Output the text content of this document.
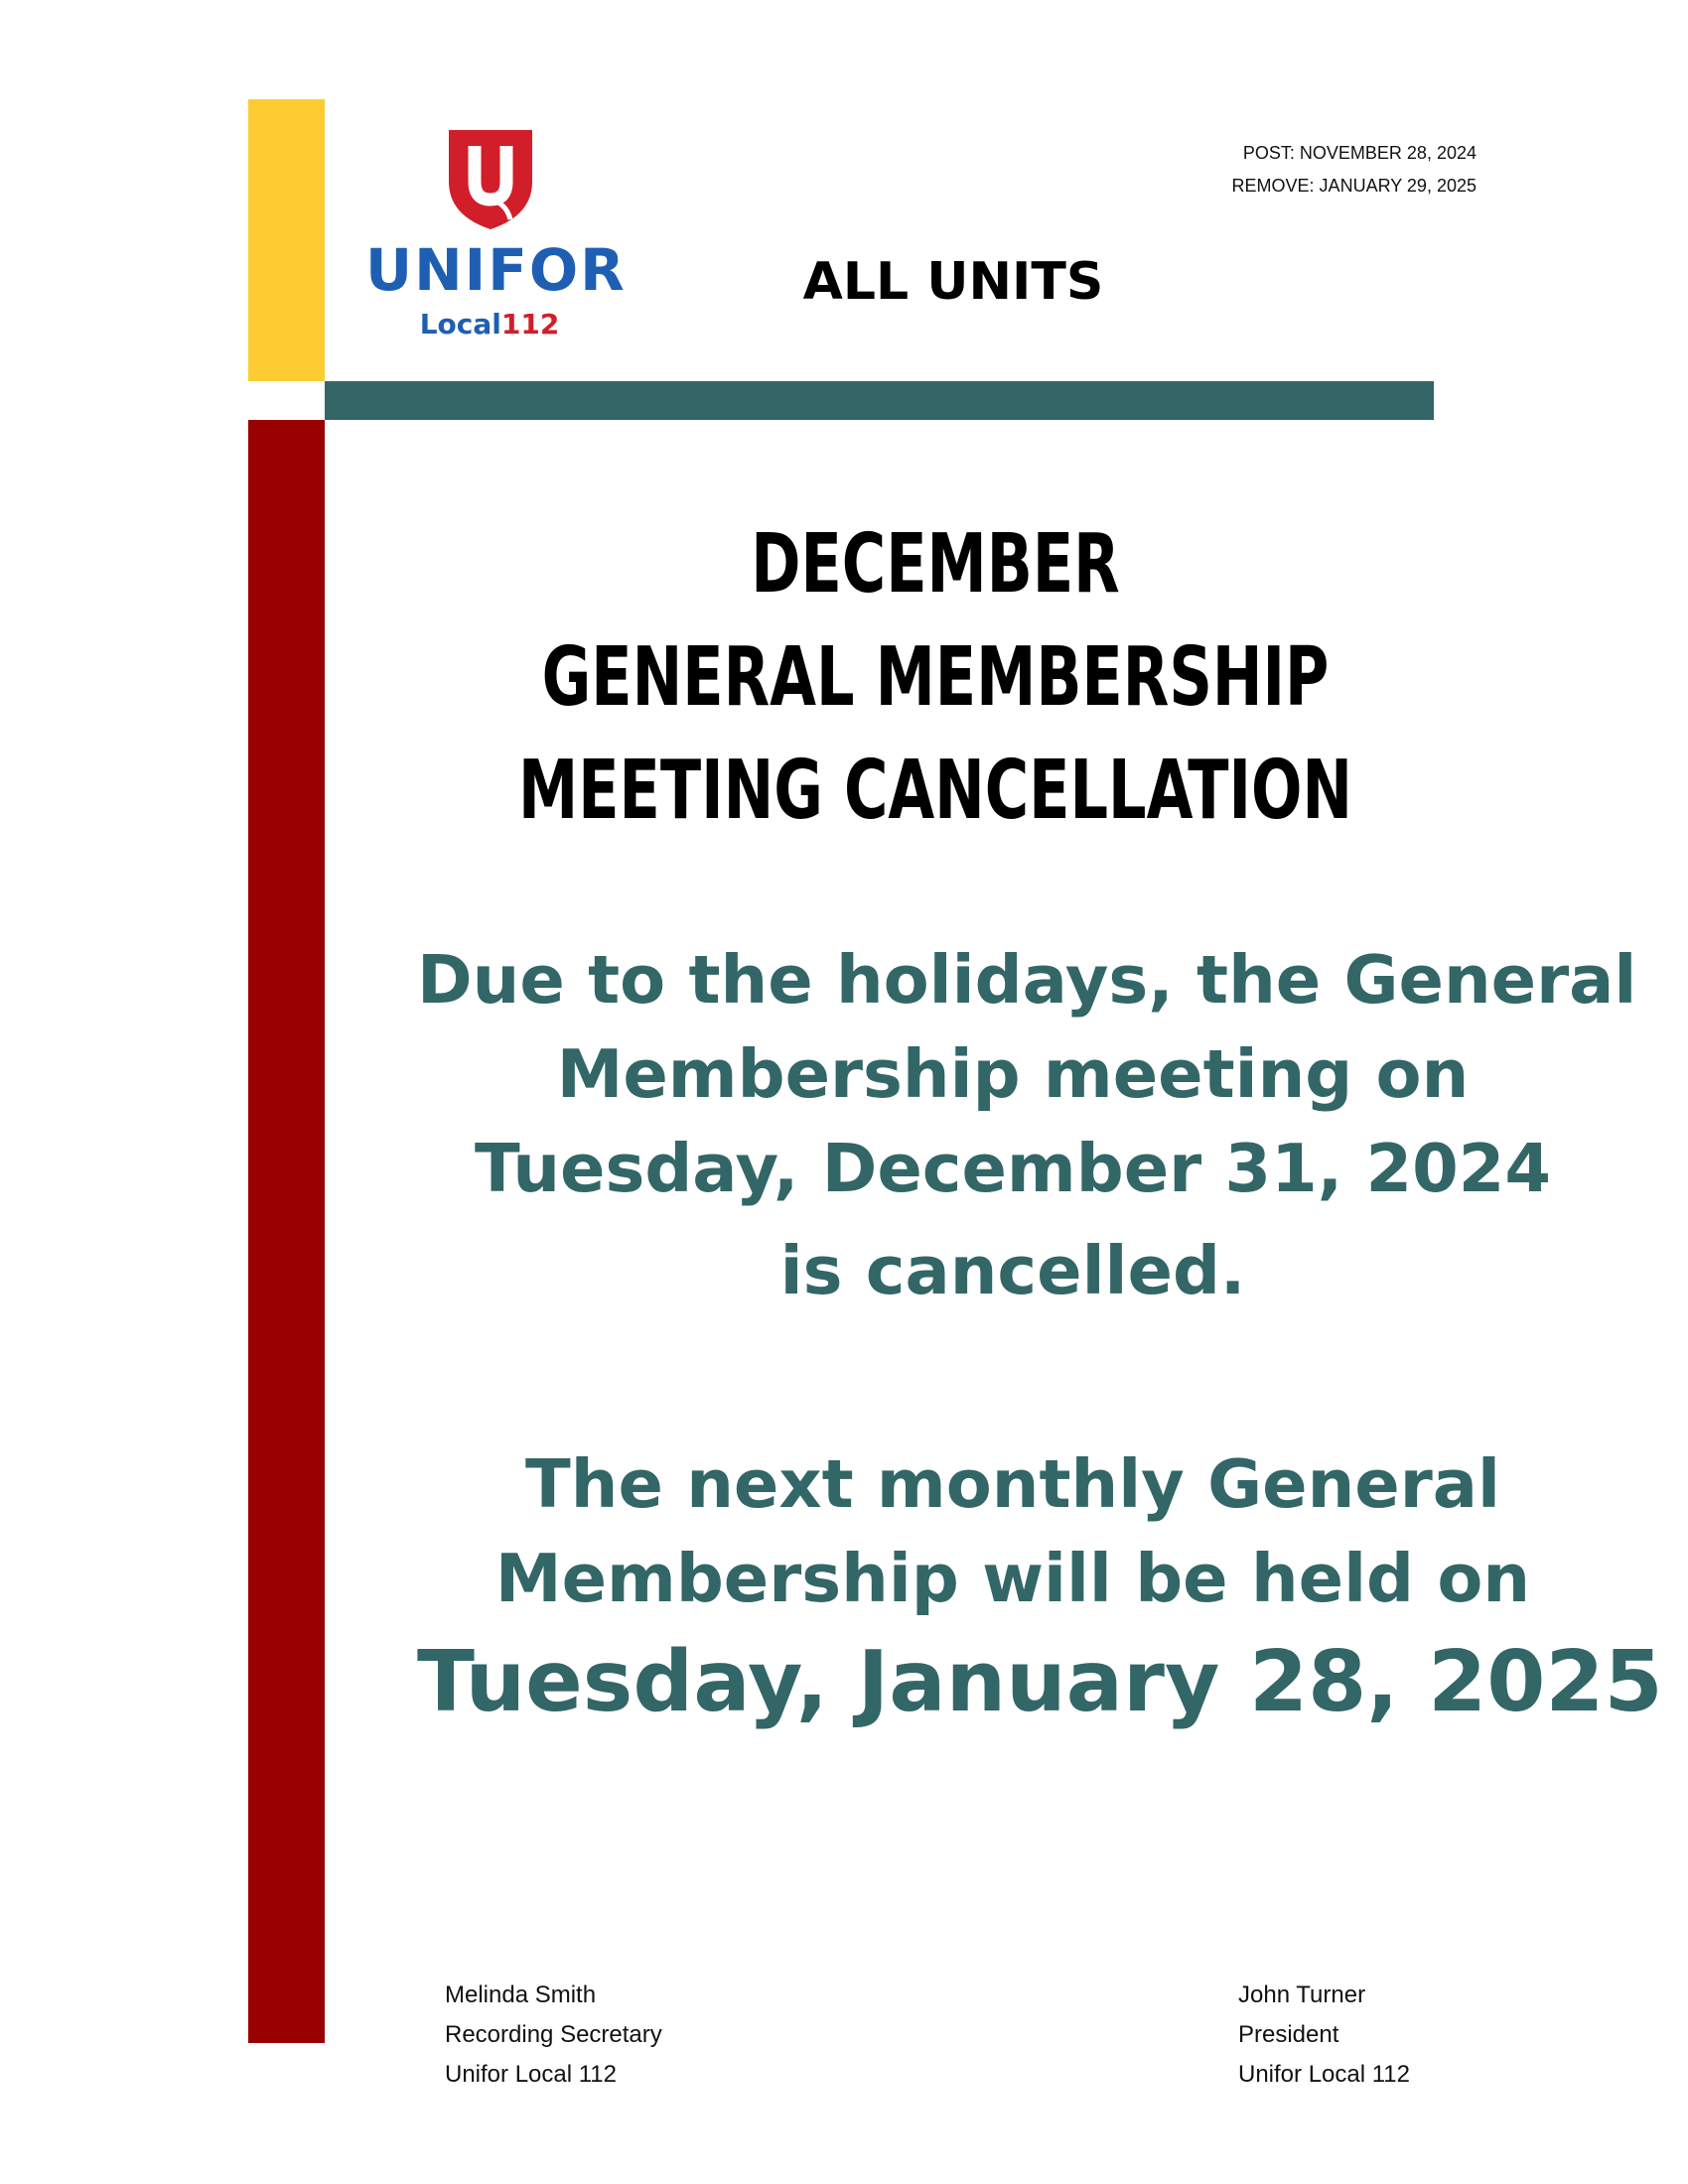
UNIFOR
Local112
POST: NOVEMBER 28, 2024
REMOVE: JANUARY 29, 2025
ALL UNITS
DECEMBER
GENERAL MEMBERSHIP
MEETING CANCELLATION
Due to the holidays, the General
Membership meeting on
Tuesday, December 31, 2024
is cancelled.
The next monthly General
Membership will be held on
Tuesday, January 28, 2025
Melinda Smith
Recording Secretary
Unifor Local 112
John Turner
President
Unifor Local 112
